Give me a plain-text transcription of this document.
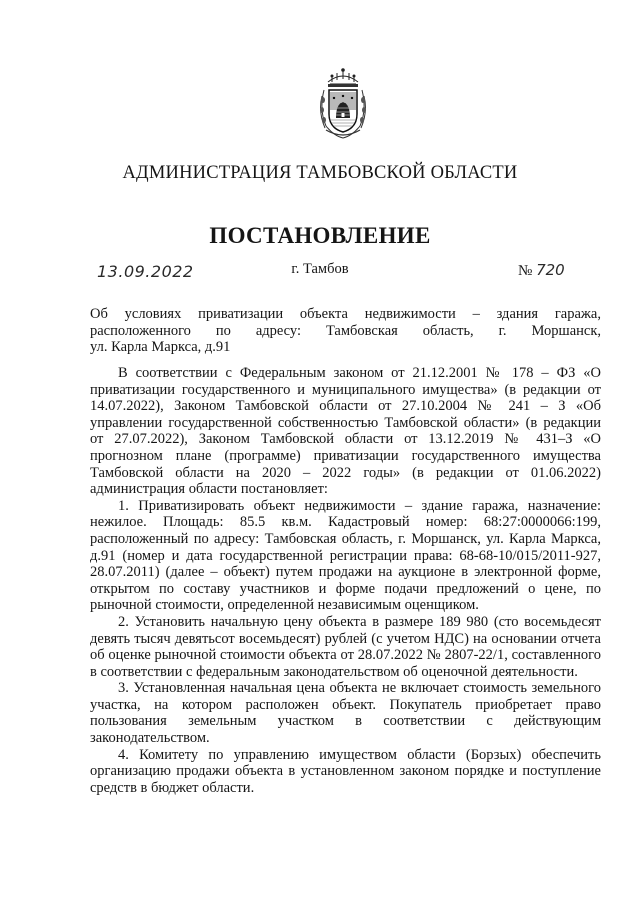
АДМИНИСТРАЦИЯ ТАМБОВСКОЙ ОБЛАСТИ
ПОСТАНОВЛЕНИЕ
13.09.2022	г. Тамбов	№ 720
Об условиях приватизации объекта недвижимости – здания гаража,
расположенного по адресу: Тамбовская область, г. Моршанск,
ул. Карла Маркса, д.91

В соответствии с Федеральным законом от 21.12.2001 № 178 – ФЗ «О приватизации государственного и муниципального имущества» (в редакции от 14.07.2022), Законом Тамбовской области от 27.10.2004 № 241 – З «Об управлении государственной собственностью Тамбовской области» (в редакции от 27.07.2022), Законом Тамбовской области от 13.12.2019 № 431–З «О прогнозном плане (программе) приватизации государственного имущества Тамбовской области на 2020 – 2022 годы» (в редакции от 01.06.2022) администрация области постановляет:

1. Приватизировать объект недвижимости – здание гаража, назначение: нежилое. Площадь: 85.5 кв.м. Кадастровый номер: 68:27:0000066:199, расположенный по адресу: Тамбовская область, г. Моршанск, ул. Карла Маркса, д.91 (номер и дата государственной регистрации права: 68-68-10/015/2011-927, 28.07.2011) (далее – объект) путем продажи на аукционе в электронной форме, открытом по составу участников и форме подачи предложений о цене, по рыночной стоимости, определенной независимым оценщиком.

2. Установить начальную цену объекта в размере 189 980 (сто восемьдесят девять тысяч девятьсот восемьдесят) рублей (с учетом НДС) на основании отчета об оценке рыночной стоимости объекта от 28.07.2022 № 2807-22/1, составленного в соответствии с федеральным законодательством об оценочной деятельности.

3. Установленная начальная цена объекта не включает стоимость земельного участка, на котором расположен объект. Покупатель приобретает право пользования земельным участком в соответствии с действующим законодательством.

4. Комитету по управлению имуществом области (Борзых) обеспечить организацию продажи объекта в установленном законом порядке и поступление средств в бюджет области.
